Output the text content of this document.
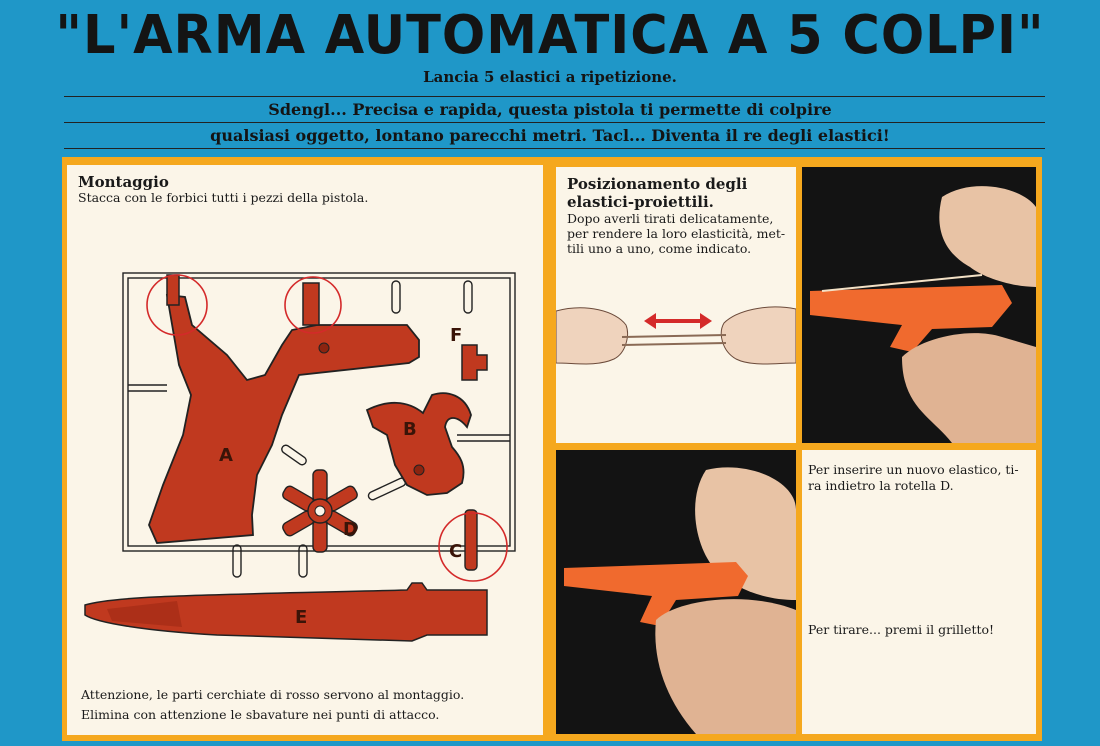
"L'ARMA AUTOMATICA A 5 COLPI"
Lancia 5 elastici a ripetizione.
Sdengl... Precisa e rapida, questa pistola ti permette di colpire
qualsiasi oggetto, lontano parecchi metri. Tacl... Diventa il re degli elastici!
Montaggio
Stacca con le forbici tutti i pezzi della pistola.
A
B
F
D
C
E
Attenzione, le parti cerchiate di rosso servono al montaggio.
Elimina con attenzione le sbavature nei punti di attacco.
Posizionamento degli
elastici-proiettili.
Dopo averli tirati delicatamente,
per rendere la loro elasticità, met-
tili uno a uno, come indicato.
Per inserire un nuovo elastico, ti-
ra indietro la rotella D.
Per tirare... premi il grilletto!
